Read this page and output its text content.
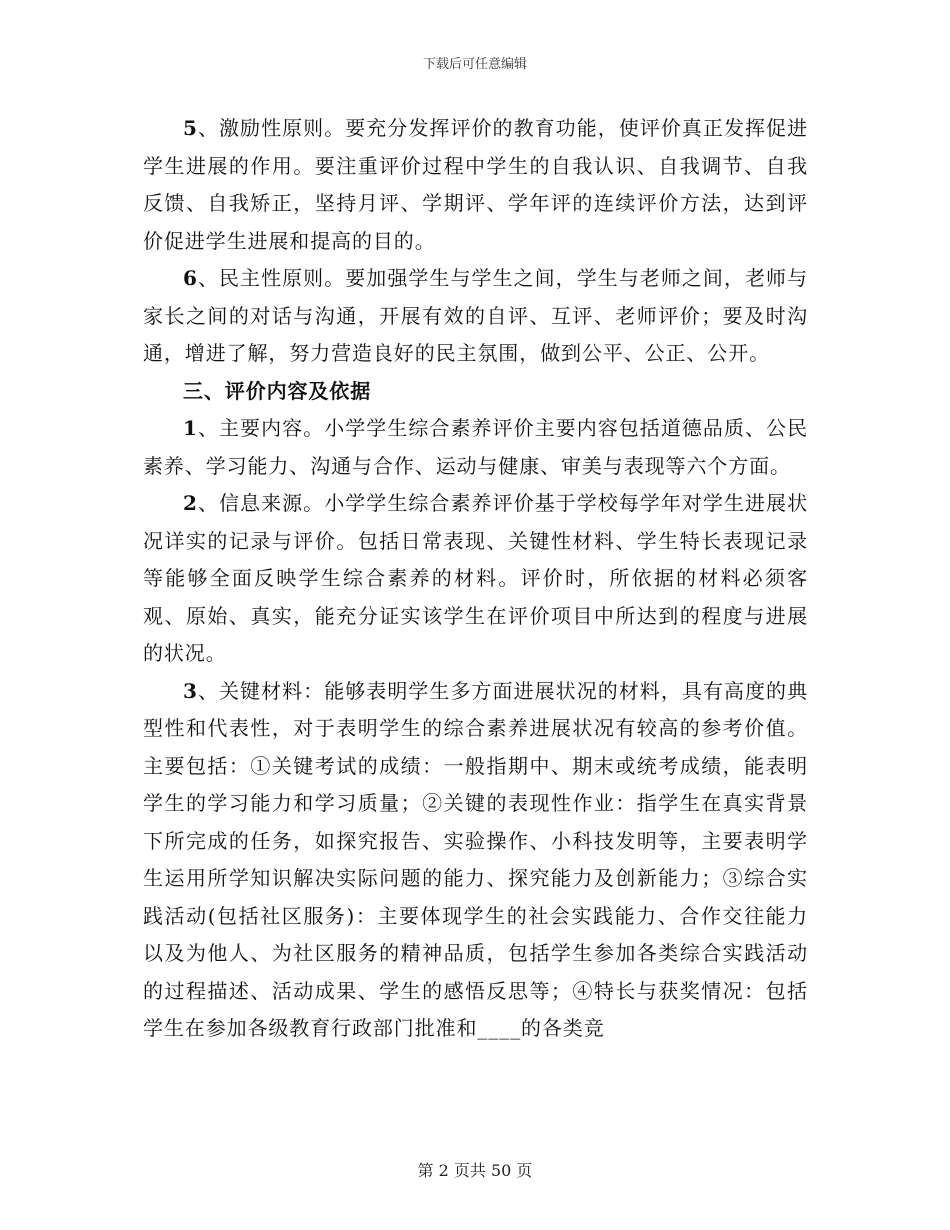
下载后可任意编辑

5、激励性原则。要充分发挥评价的教育功能，使评价真正发挥促进学生进展的作用。要注重评价过程中学生的自我认识、自我调节、自我反馈、自我矫正，坚持月评、学期评、学年评的连续评价方法，达到评价促进学生进展和提高的目的。

6、民主性原则。要加强学生与学生之间，学生与老师之间，老师与家长之间的对话与沟通，开展有效的自评、互评、老师评价；要及时沟通，增进了解，努力营造良好的民主氛围，做到公平、公正、公开。

三、评价内容及依据

1、主要内容。小学学生综合素养评价主要内容包括道德品质、公民素养、学习能力、沟通与合作、运动与健康、审美与表现等六个方面。

2、信息来源。小学学生综合素养评价基于学校每学年对学生进展状况详实的记录与评价。包括日常表现、关键性材料、学生特长表现记录等能够全面反映学生综合素养的材料。评价时，所依据的材料必须客观、原始、真实，能充分证实该学生在评价项目中所达到的程度与进展的状况。

3、关键材料：能够表明学生多方面进展状况的材料，具有高度的典型性和代表性，对于表明学生的综合素养进展状况有较高的参考价值。主要包括：①关键考试的成绩：一般指期中、期末或统考成绩，能表明学生的学习能力和学习质量；②关键的表现性作业：指学生在真实背景下所完成的任务，如探究报告、实验操作、小科技发明等，主要表明学生运用所学知识解决实际问题的能力、探究能力及创新能力；③综合实践活动(包括社区服务)：主要体现学生的社会实践能力、合作交往能力以及为他人、为社区服务的精神品质，包括学生参加各类综合实践活动的过程描述、活动成果、学生的感悟反思等；④特长与获奖情况：包括学生在参加各级教育行政部门批准和____的各类竞

第 2 页共 50 页
